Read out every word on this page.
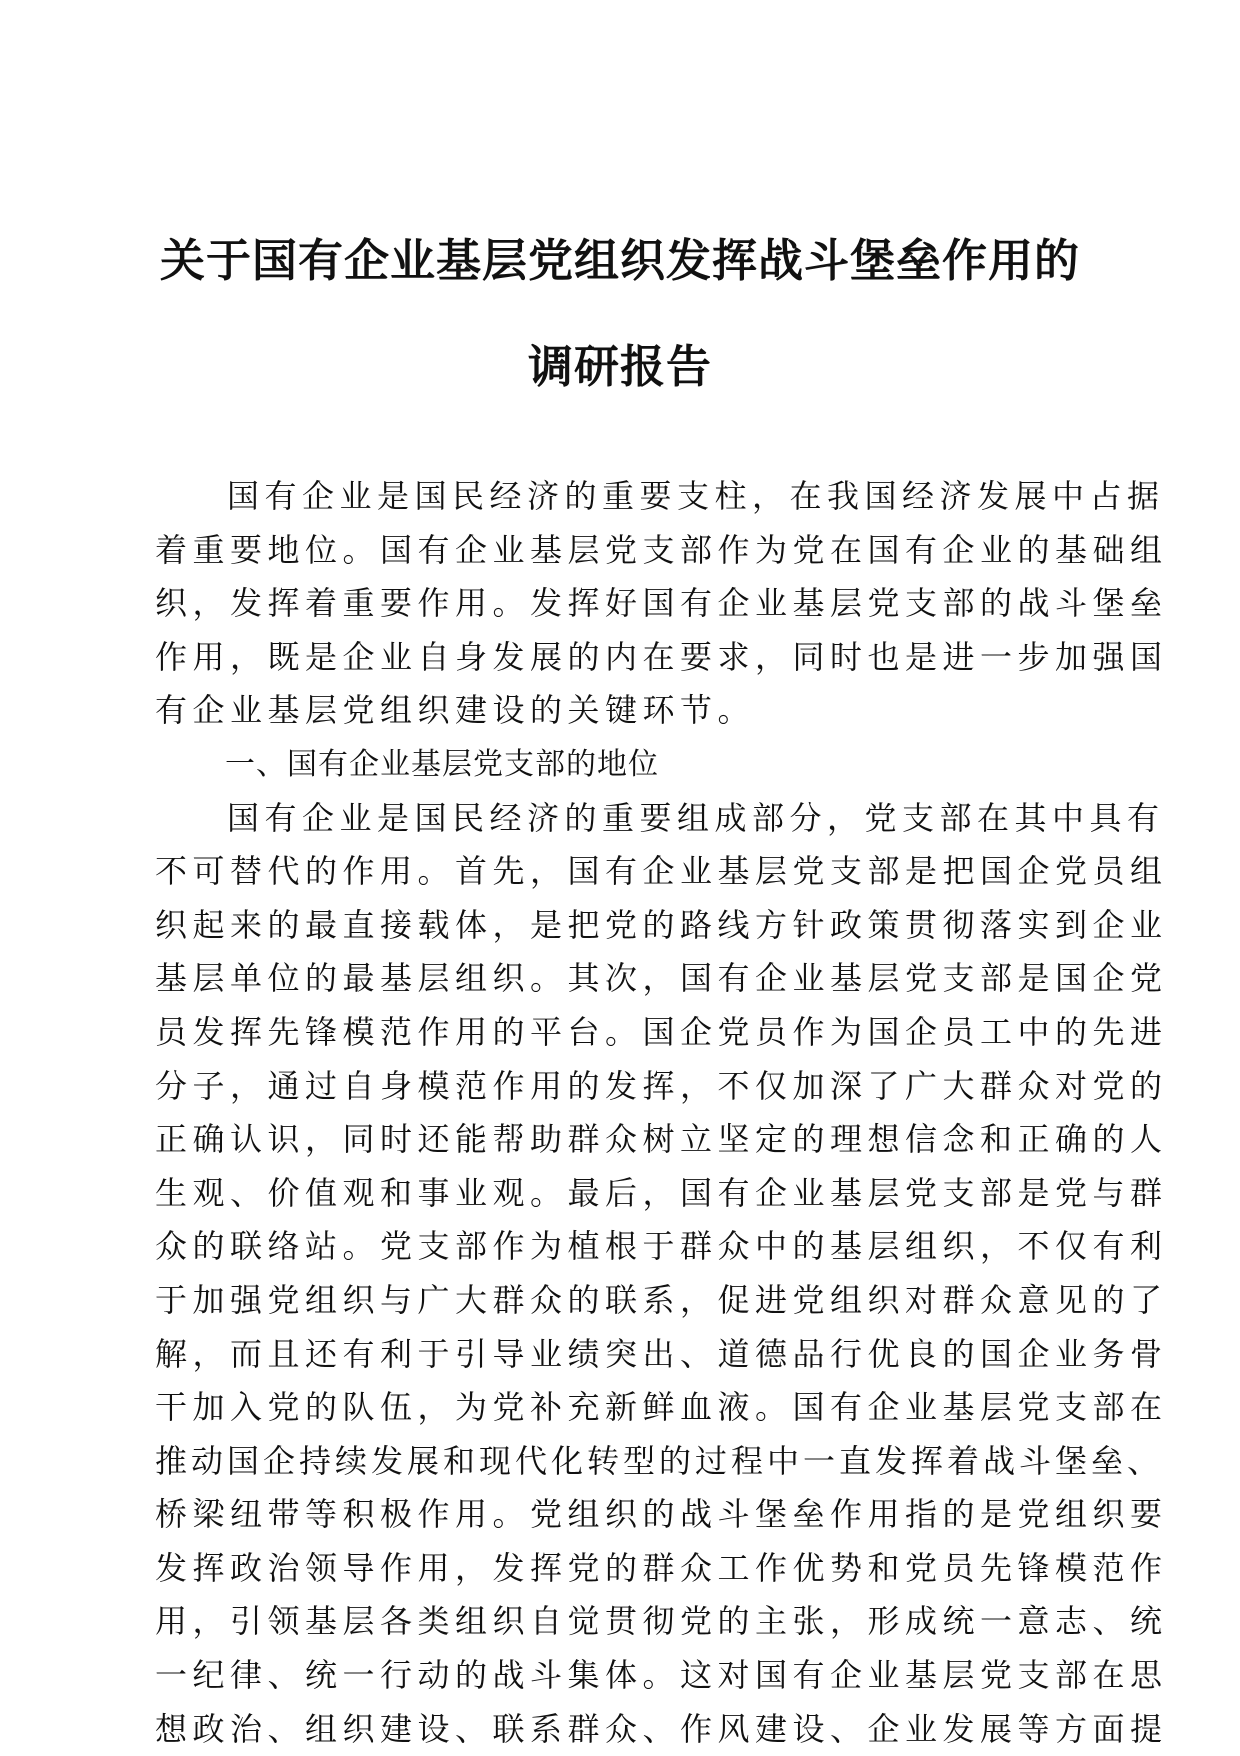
关于国有企业基层党组织发挥战斗堡垒作用的
调研报告
国有企业是国民经济的重要支柱，在我国经济发展中占据
着重要地位。国有企业基层党支部作为党在国有企业的基础组
织，发挥着重要作用。发挥好国有企业基层党支部的战斗堡垒
作用，既是企业自身发展的内在要求，同时也是进一步加强国
有企业基层党组织建设的关键环节。
一、国有企业基层党支部的地位
国有企业是国民经济的重要组成部分，党支部在其中具有
不可替代的作用。首先，国有企业基层党支部是把国企党员组
织起来的最直接载体，是把党的路线方针政策贯彻落实到企业
基层单位的最基层组织。其次，国有企业基层党支部是国企党
员发挥先锋模范作用的平台。国企党员作为国企员工中的先进
分子，通过自身模范作用的发挥，不仅加深了广大群众对党的
正确认识，同时还能帮助群众树立坚定的理想信念和正确的人
生观、价值观和事业观。最后，国有企业基层党支部是党与群
众的联络站。党支部作为植根于群众中的基层组织，不仅有利
于加强党组织与广大群众的联系，促进党组织对群众意见的了
解，而且还有利于引导业绩突出、道德品行优良的国企业务骨
干加入党的队伍，为党补充新鲜血液。国有企业基层党支部在
推动国企持续发展和现代化转型的过程中一直发挥着战斗堡垒、
桥梁纽带等积极作用。党组织的战斗堡垒作用指的是党组织要
发挥政治领导作用，发挥党的群众工作优势和党员先锋模范作
用，引领基层各类组织自觉贯彻党的主张，形成统一意志、统
一纪律、统一行动的战斗集体。这对国有企业基层党支部在思
想政治、组织建设、联系群众、作风建设、企业发展等方面提
